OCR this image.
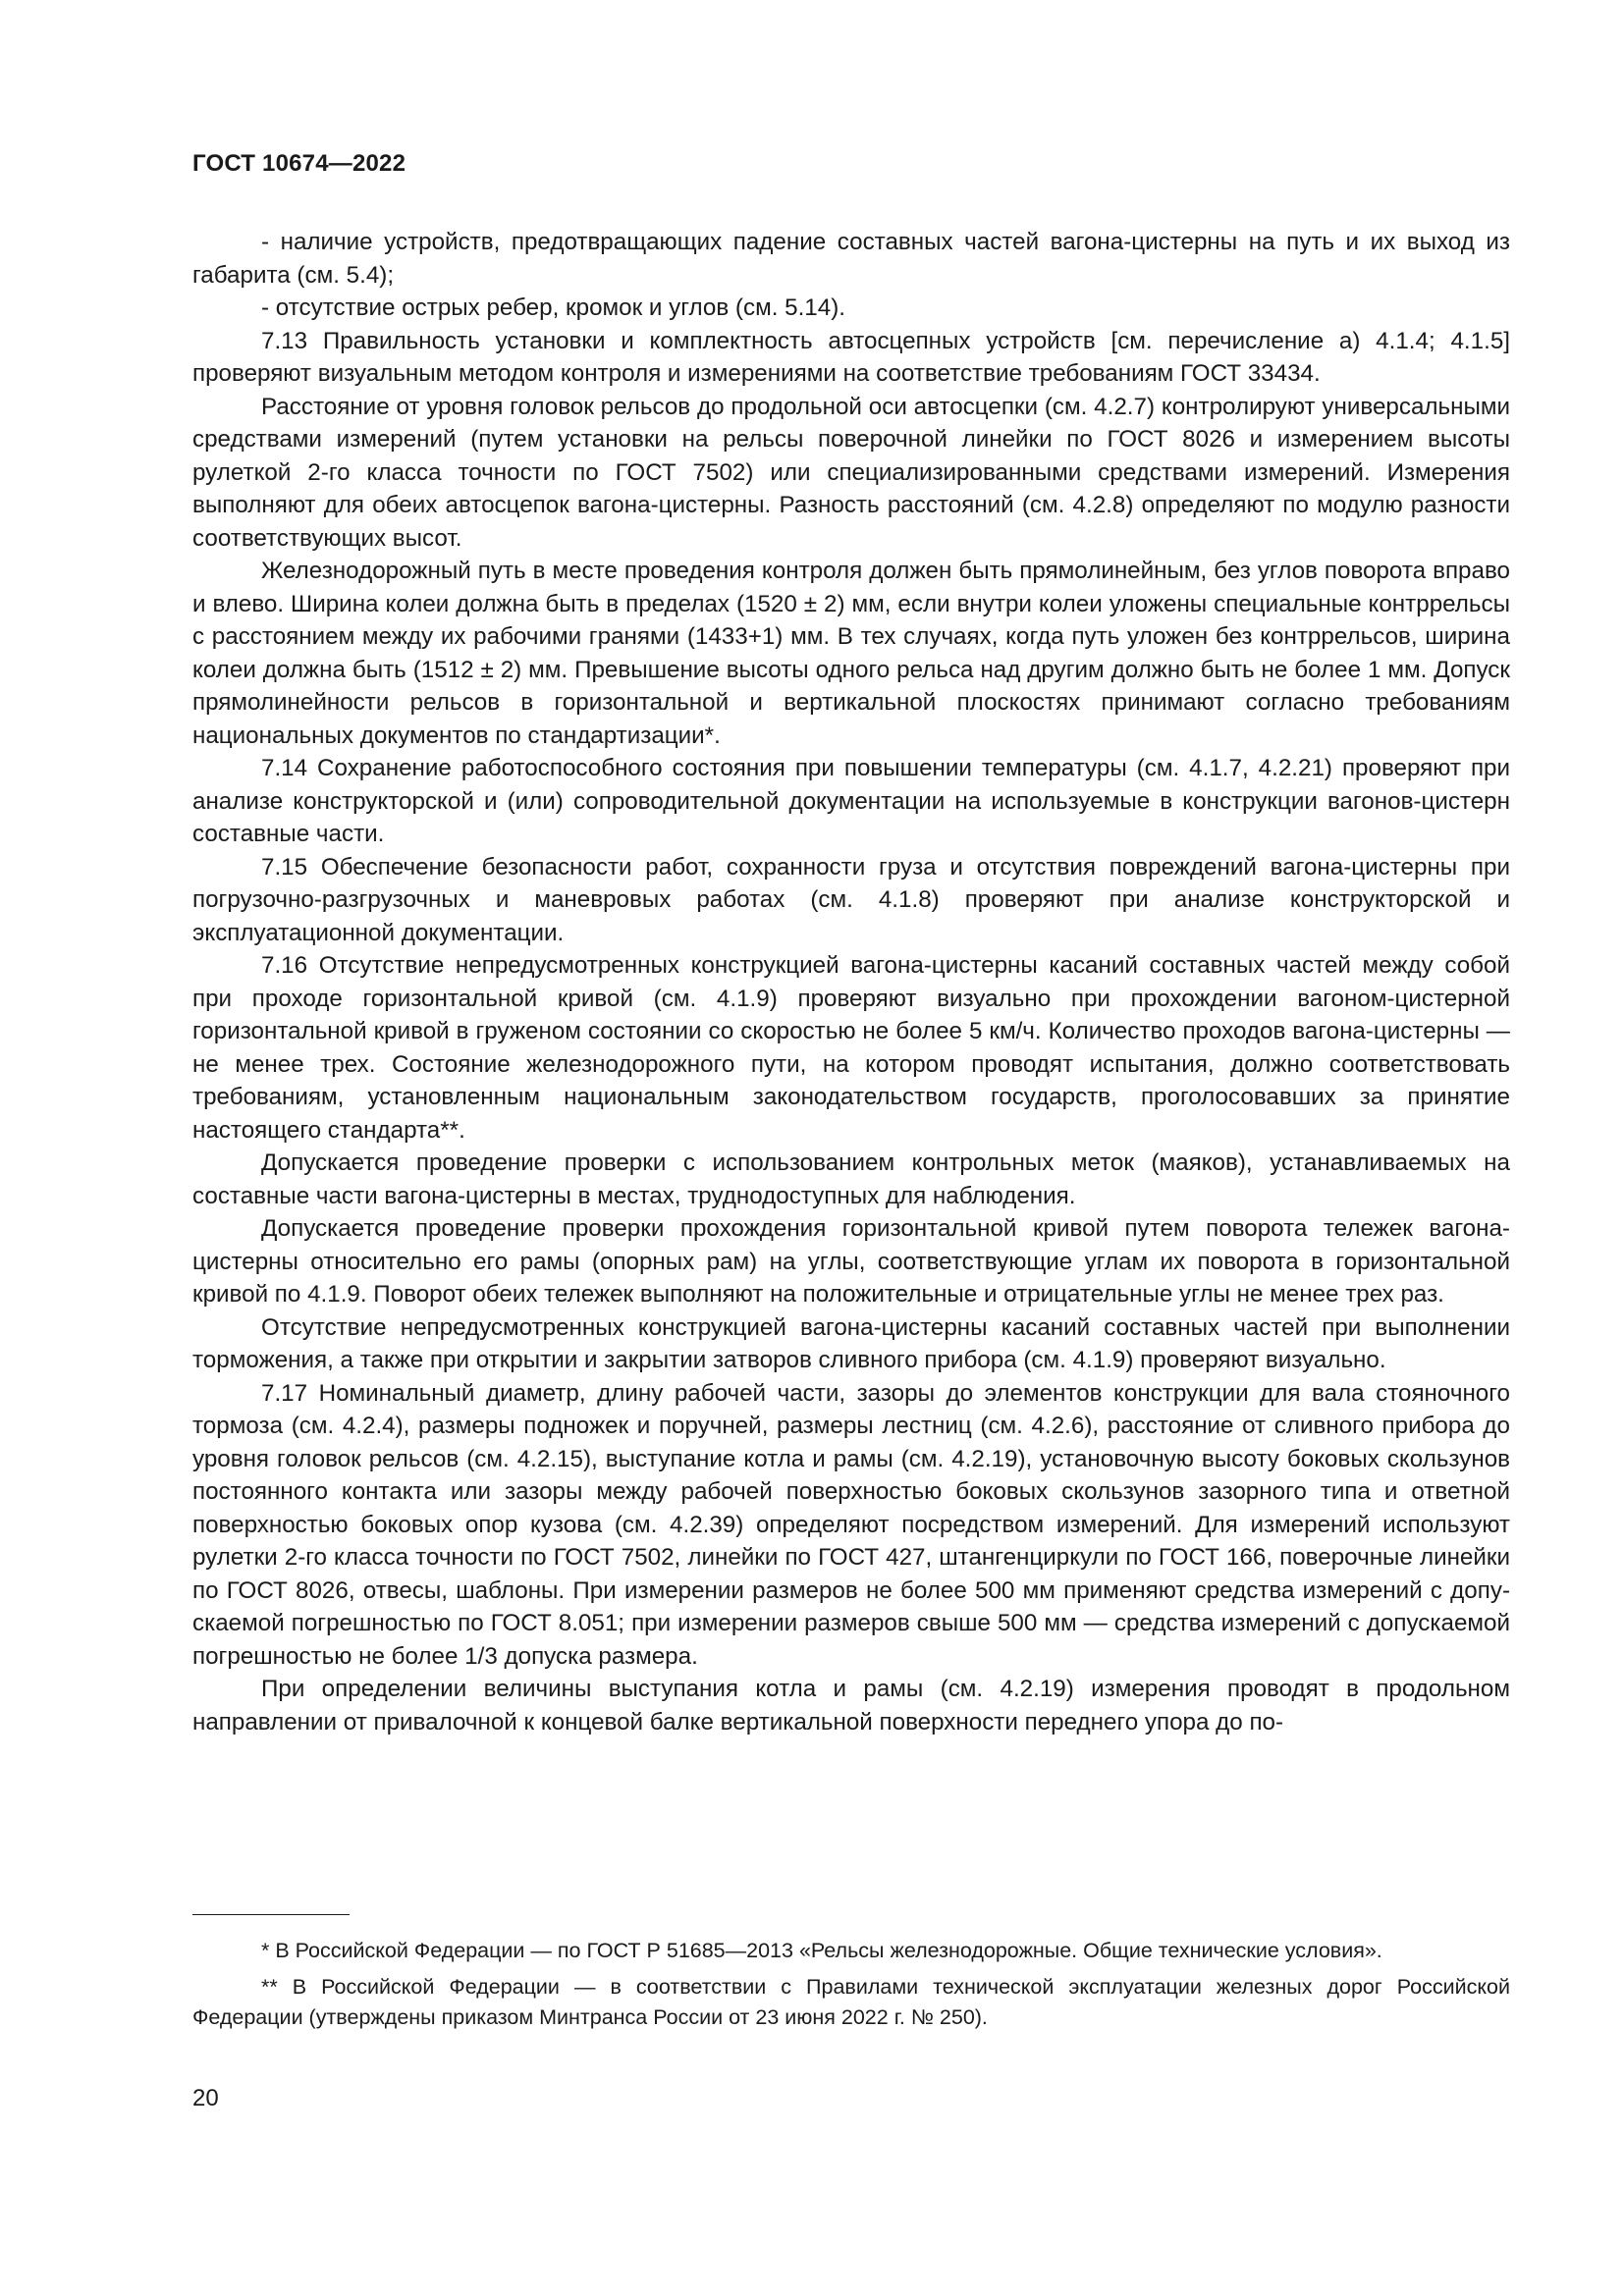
ГОСТ 10674—2022

- наличие устройств, предотвращающих падение составных частей вагона-цистерны на путь и их выход из габарита (см. 5.4);

- отсутствие острых ребер, кромок и углов (см. 5.14).

7.13 Правильность установки и комплектность автосцепных устройств [см. перечисление а) 4.1.4; 4.1.5] проверяют визуальным методом контроля и измерениями на соответствие требованиям ГОСТ 33434.

Расстояние от уровня головок рельсов до продольной оси автосцепки (см. 4.2.7) контролируют универсальными средствами измерений (путем установки на рельсы поверочной линейки по ГОСТ 8026 и измерением высоты рулеткой 2-го класса точности по ГОСТ 7502) или специализированными средствами измерений. Измерения выполняют для обеих автосцепок вагона-цистерны. Разность расстояний (см. 4.2.8) определяют по модулю разности соответствующих высот.

Железнодорожный путь в месте проведения контроля должен быть прямолинейным, без углов поворота вправо и влево. Ширина колеи должна быть в пределах (1520 ± 2) мм, если внутри колеи уложены специальные контррельсы с расстоянием между их рабочими гранями (1433+1) мм. В тех случаях, когда путь уложен без контррельсов, ширина колеи должна быть (1512 ± 2) мм. Превышение высоты одного рельса над другим должно быть не более 1 мм. Допуск прямолинейности рельсов в горизонтальной и вертикальной плоскостях принимают согласно требованиям национальных документов по стандартизации*.

7.14 Сохранение работоспособного состояния при повышении температуры (см. 4.1.7, 4.2.21) проверяют при анализе конструкторской и (или) сопроводительной документации на используемые в конструкции вагонов-цистерн составные части.

7.15 Обеспечение безопасности работ, сохранности груза и отсутствия повреждений вагона-цистерны при погрузочно-разгрузочных и маневровых работах (см. 4.1.8) проверяют при анализе конструкторской и эксплуатационной документации.

7.16 Отсутствие непредусмотренных конструкцией вагона-цистерны касаний составных частей между собой при проходе горизонтальной кривой (см. 4.1.9) проверяют визуально при прохождении вагоном-цистерной горизонтальной кривой в груженом состоянии со скоростью не более 5 км/ч. Количество проходов вагона-цистерны — не менее трех. Состояние железнодорожного пути, на котором проводят испытания, должно соответствовать требованиям, установленным национальным законодательством государств, проголосовавших за принятие настоящего стандарта**.

Допускается проведение проверки с использованием контрольных меток (маяков), устанавливаемых на составные части вагона-цистерны в местах, труднодоступных для наблюдения.

Допускается проведение проверки прохождения горизонтальной кривой путем поворота тележек вагона-цистерны относительно его рамы (опорных рам) на углы, соответствующие углам их поворота в горизонтальной кривой по 4.1.9. Поворот обеих тележек выполняют на положительные и отрицательные углы не менее трех раз.

Отсутствие непредусмотренных конструкцией вагона-цистерны касаний составных частей при выполнении торможения, а также при открытии и закрытии затворов сливного прибора (см. 4.1.9) проверяют визуально.

7.17 Номинальный диаметр, длину рабочей части, зазоры до элементов конструкции для вала стояночного тормоза (см. 4.2.4), размеры подножек и поручней, размеры лестниц (см. 4.2.6), расстояние от сливного прибора до уровня головок рельсов (см. 4.2.15), выступание котла и рамы (см. 4.2.19), установочную высоту боковых скользунов постоянного контакта или зазоры между рабочей поверхностью боковых скользунов зазорного типа и ответной поверхностью боковых опор кузова (см. 4.2.39) определяют посредством измерений. Для измерений используют рулетки 2-го класса точности по ГОСТ 7502, линейки по ГОСТ 427, штангенциркули по ГОСТ 166, поверочные линейки по ГОСТ 8026, отвесы, шаблоны. При измерении размеров не более 500 мм применяют средства измерений с допускаемой погрешностью по ГОСТ 8.051; при измерении размеров свыше 500 мм — средства измерений с допускаемой погрешностью не более 1/3 допуска размера.

При определении величины выступания котла и рамы (см. 4.2.19) измерения проводят в продольном направлении от привалочной к концевой балке вертикальной поверхности переднего упора до по-

* В Российской Федерации — по ГОСТ Р 51685—2013 «Рельсы железнодорожные. Общие технические условия».

** В Российской Федерации — в соответствии с Правилами технической эксплуатации железных дорог Российской Федерации (утверждены приказом Минтранса России от 23 июня 2022 г. № 250).

20
